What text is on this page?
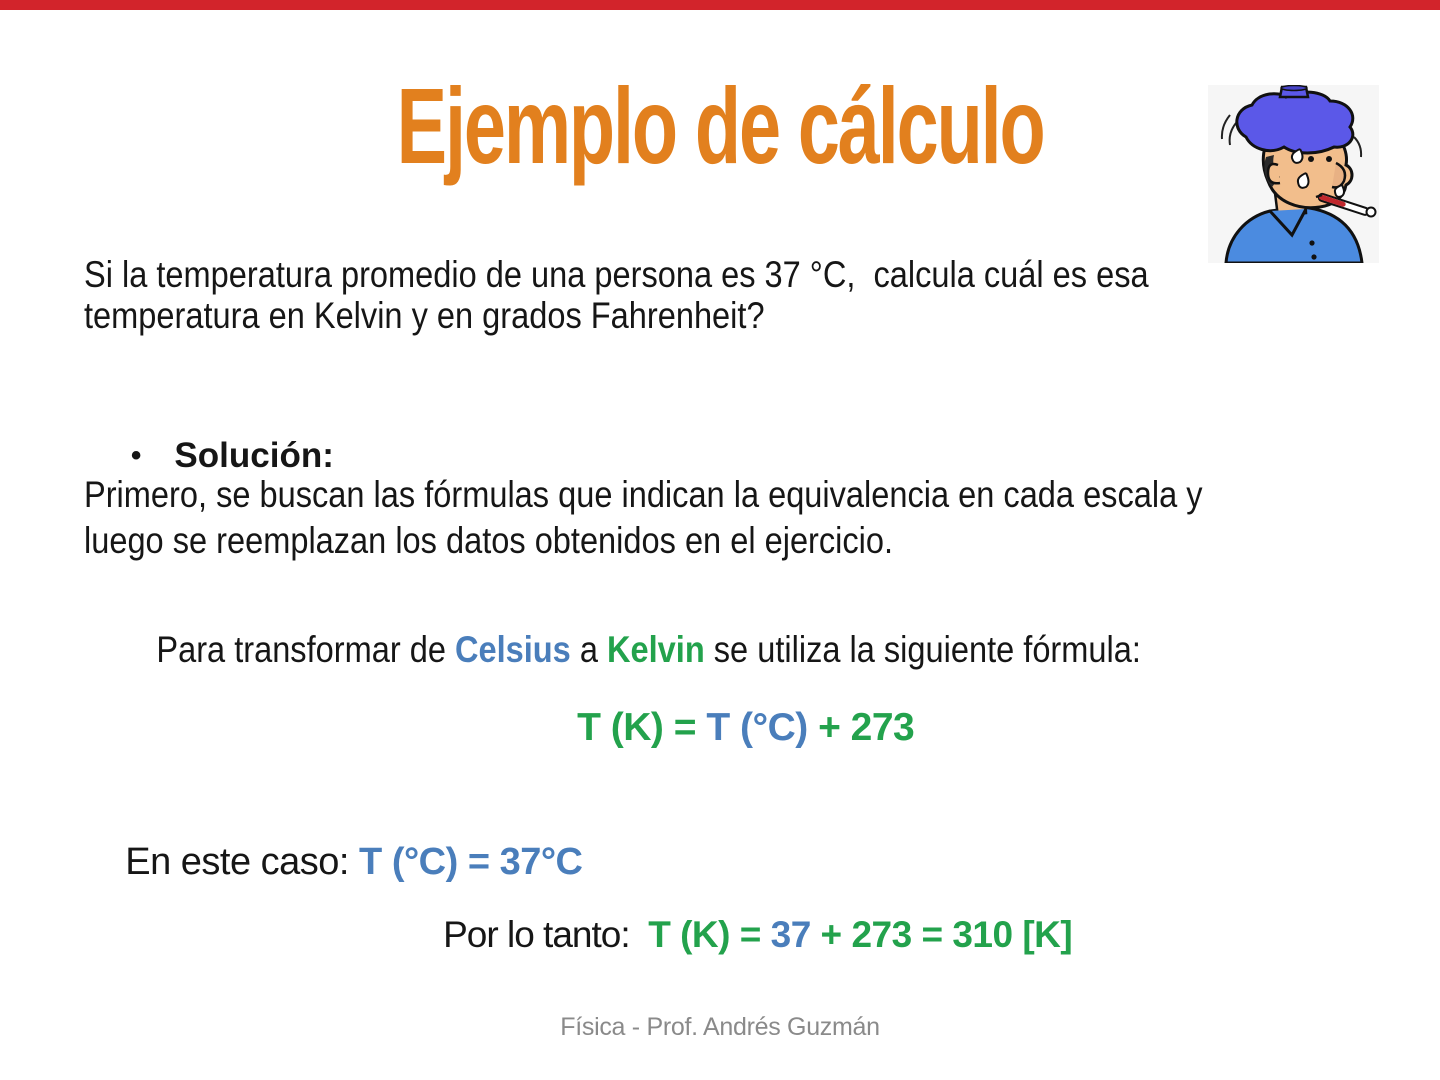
Ejemplo de cálculo
Si la temperatura promedio de una persona es 37 °C,  calcula cuál es esa
temperatura en Kelvin y en grados Fahrenheit?

• Solución:

Primero, se buscan las fórmulas que indican la equivalencia en cada escala y
luego se reemplazan los datos obtenidos en el ejercicio.

Para transformar de Celsius a Kelvin se utiliza la siguiente fórmula:

T (K) = T (°C) + 273

En este caso: T (°C) = 37°C

Por lo tanto:  T (K) = 37 + 273 = 310 [K]

Física - Prof. Andrés Guzmán
